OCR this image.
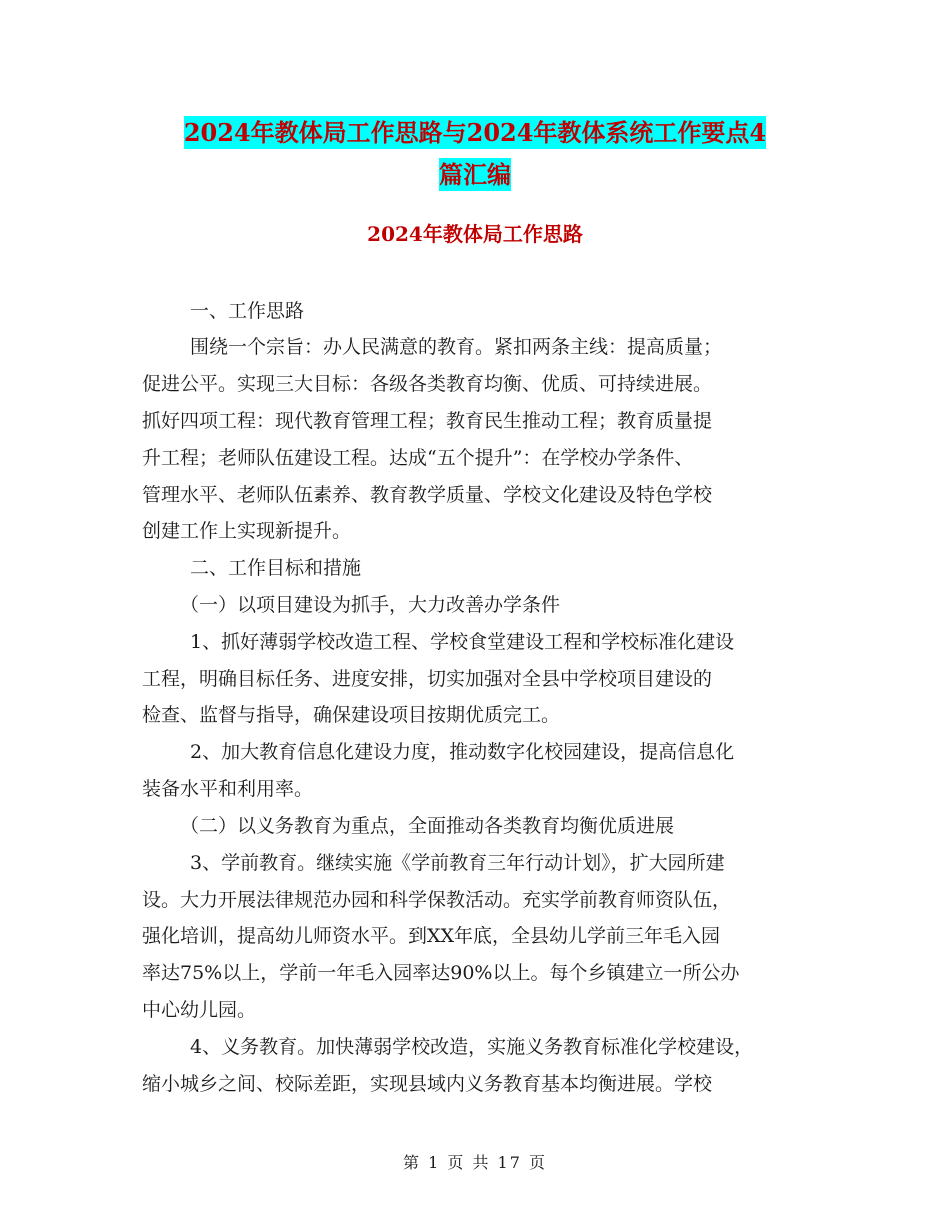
2024年教体局工作思路与2024年教体系统工作要点4
篇汇编
2024年教体局工作思路
一、工作思路
围绕一个宗旨：办人民满意的教育。紧扣两条主线：提高质量；
促进公平。实现三大目标：各级各类教育均衡、优质、可持续进展。
抓好四项工程：现代教育管理工程；教育民生推动工程；教育质量提
升工程；老师队伍建设工程。达成“五个提升”：在学校办学条件、
管理水平、老师队伍素养、教育教学质量、学校文化建设及特色学校
创建工作上实现新提升。
二、工作目标和措施
（一）以项目建设为抓手，大力改善办学条件
1、抓好薄弱学校改造工程、学校食堂建设工程和学校标准化建设
工程，明确目标任务、进度安排，切实加强对全县中学校项目建设的
检查、监督与指导，确保建设项目按期优质完工。
2、加大教育信息化建设力度，推动数字化校园建设，提高信息化
装备水平和利用率。
（二）以义务教育为重点，全面推动各类教育均衡优质进展
3、学前教育。继续实施《学前教育三年行动计划》，扩大园所建
设。大力开展法律规范办园和科学保教活动。充实学前教育师资队伍，
强化培训，提高幼儿师资水平。到XX年底，全县幼儿学前三年毛入园
率达75%以上，学前一年毛入园率达90%以上。每个乡镇建立一所公办
中心幼儿园。
4、义务教育。加快薄弱学校改造，实施义务教育标准化学校建设，
缩小城乡之间、校际差距，实现县域内义务教育基本均衡进展。学校
第 1 页 共 17 页
